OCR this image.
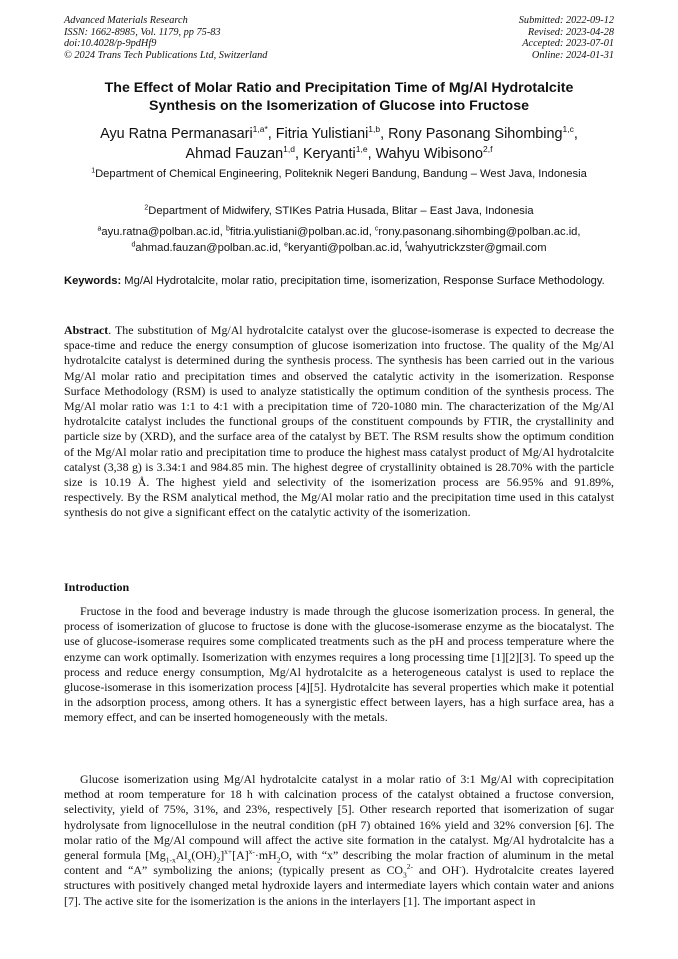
Advanced Materials Research
ISSN: 1662-8985, Vol. 1179, pp 75-83
doi:10.4028/p-9pdHf9
© 2024 Trans Tech Publications Ltd, Switzerland
Submitted: 2022-09-12
Revised: 2023-04-28
Accepted: 2023-07-01
Online: 2024-01-31
The Effect of Molar Ratio and Precipitation Time of Mg/Al Hydrotalcite
Synthesis on the Isomerization of Glucose into Fructose
Ayu Ratna Permanasari$^{1,a*}$, Fitria Yulistiani$^{1,b}$, Rony Pasonang Sihombing$^{1,c}$,
Ahmad Fauzan$^{1,d}$, Keryanti$^{1,e}$, Wahyu Wibisono$^{2,f}$
$^1$Department of Chemical Engineering, Politeknik Negeri Bandung, Bandung – West Java, Indonesia
$^2$Department of Midwifery, STIKes Patria Husada, Blitar – East Java, Indonesia
$^a$ayu.ratna@polban.ac.id, $^b$fitria.yulistiani@polban.ac.id, $^c$rony.pasonang.sihombing@polban.ac.id,
$^d$ahmad.fauzan@polban.ac.id, $^e$keryanti@polban.ac.id, $^f$wahyutrickzster@gmail.com
Keywords: Mg/Al Hydrotalcite, molar ratio, precipitation time, isomerization, Response Surface Methodology.
Abstract. The substitution of Mg/Al hydrotalcite catalyst over the glucose-isomerase is expected to decrease the space-time and reduce the energy consumption of glucose isomerization into fructose. The quality of the Mg/Al hydrotalcite catalyst is determined during the synthesis process. The synthesis has been carried out in the various Mg/Al molar ratio and precipitation times and observed the catalytic activity in the isomerization. Response Surface Methodology (RSM) is used to analyze statistically the optimum condition of the synthesis process. The Mg/Al molar ratio was 1:1 to 4:1 with a precipitation time of 720-1080 min. The characterization of the Mg/Al hydrotalcite catalyst includes the functional groups of the constituent compounds by FTIR, the crystallinity and particle size by (XRD), and the surface area of the catalyst by BET. The RSM results show the optimum condition of the Mg/Al molar ratio and precipitation time to produce the highest mass catalyst product of Mg/Al hydrotalcite catalyst (3,38 g) is 3.34:1 and 984.85 min. The highest degree of crystallinity obtained is 28.70% with the particle size is 10.19 Å. The highest yield and selectivity of the isomerization process are 56.95% and 91.89%, respectively. By the RSM analytical method, the Mg/Al molar ratio and the precipitation time used in this catalyst synthesis do not give a significant effect on the catalytic activity of the isomerization.
Introduction
Fructose in the food and beverage industry is made through the glucose isomerization process. In general, the process of isomerization of glucose to fructose is done with the glucose-isomerase enzyme as the biocatalyst. The use of glucose-isomerase requires some complicated treatments such as the pH and process temperature where the enzyme can work optimally. Isomerization with enzymes requires a long processing time [1][2][3]. To speed up the process and reduce energy consumption, Mg/Al hydrotalcite as a heterogeneous catalyst is used to replace the glucose-isomerase in this isomerization process [4][5]. Hydrotalcite has several properties which make it potential in the adsorption process, among others. It has a synergistic effect between layers, has a high surface area, has a memory effect, and can be inserted homogeneously with the metals.
Glucose isomerization using Mg/Al hydrotalcite catalyst in a molar ratio of 3:1 Mg/Al with coprecipitation method at room temperature for 18 h with calcination process of the catalyst obtained a fructose conversion, selectivity, yield of 75%, 31%, and 23%, respectively [5]. Other research reported that isomerization of sugar hydrolysate from lignocellulose in the neutral condition (pH 7) obtained 16% yield and 32% conversion [6]. The molar ratio of the Mg/Al compound will affect the active site formation in the catalyst. Mg/Al hydrotalcite has a general formula $[Mg_{1-x}Al_x(OH)_2]^{x+}[A]^{x-}\cdot mH_2O$, with “x” describing the molar fraction of aluminum in the metal content and “A” symbolizing the anions; (typically present as $CO_3^{2-}$ and OH-). Hydrotalcite creates layered structures with positively changed metal hydroxide layers and intermediate layers which contain water and anions [7]. The active site for the isomerization is the anions in the interlayers [1]. The important aspect in
